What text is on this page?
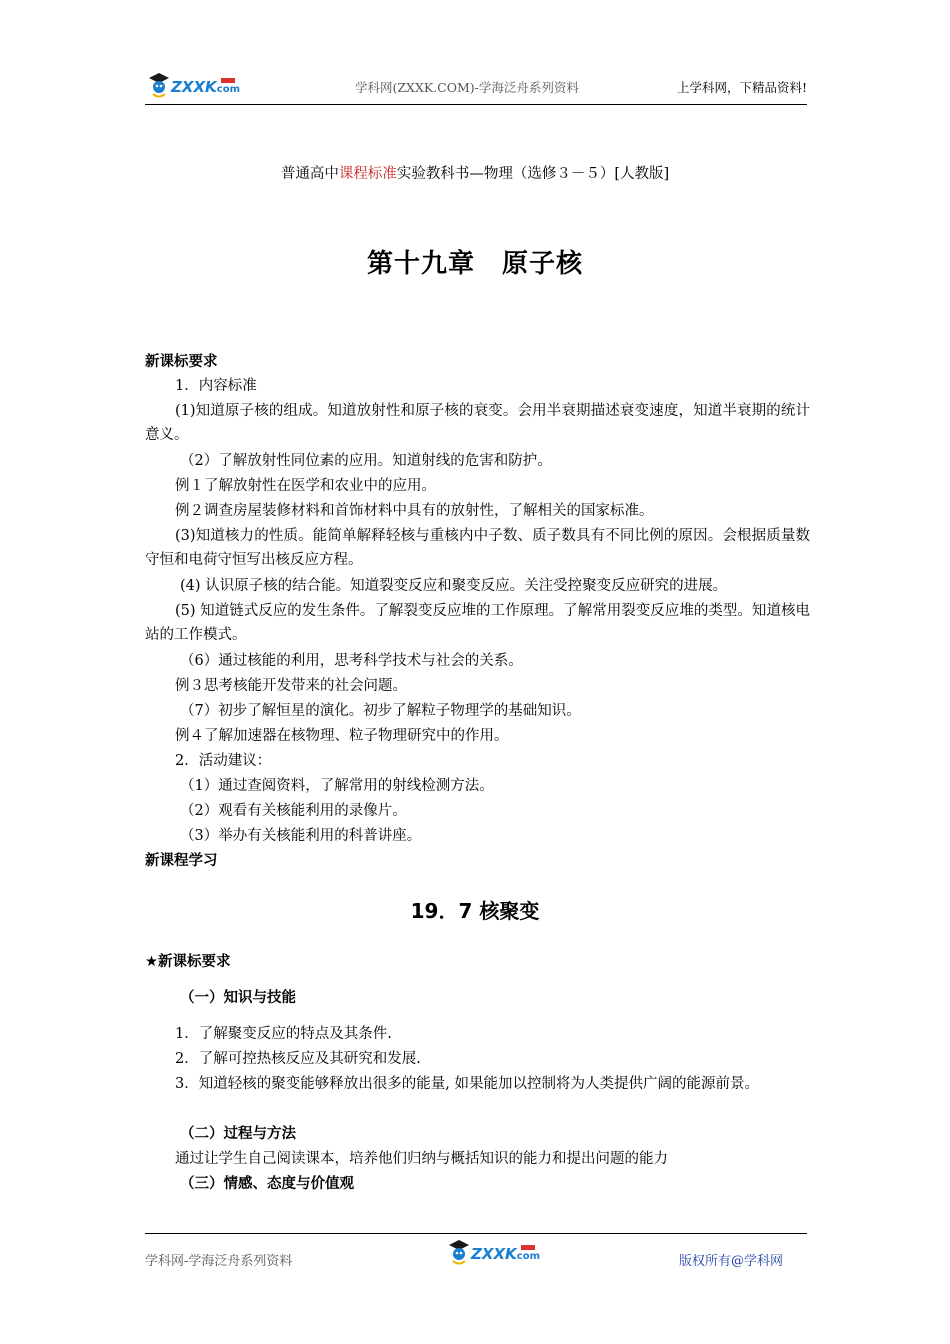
ZXXK
.com	学科网(ZXXK.COM)-学海泛舟系列资料	上学科网，下精品资料!
普通高中课程标准实验教科书—物理（选修３－５）[人教版]
第十九章　原子核
新课标要求
1．内容标准
(1)知道原子核的组成。知道放射性和原子核的衰变。会用半衰期描述衰变速度，知道半衰期的统计意义。
（2）了解放射性同位素的应用。知道射线的危害和防护。
例１了解放射性在医学和农业中的应用。
例２调查房屋装修材料和首饰材料中具有的放射性，了解相关的国家标准。
(3)知道核力的性质。能简单解释轻核与重核内中子数、质子数具有不同比例的原因。会根据质量数守恒和电荷守恒写出核反应方程。
(4) 认识原子核的结合能。知道裂变反应和聚变反应。关注受控聚变反应研究的进展。
(5) 知道链式反应的发生条件。了解裂变反应堆的工作原理。了解常用裂变反应堆的类型。知道核电站的工作模式。
（6）通过核能的利用，思考科学技术与社会的关系。
例３思考核能开发带来的社会问题。
（7）初步了解恒星的演化。初步了解粒子物理学的基础知识。
例４了解加速器在核物理、粒子物理研究中的作用。
2．活动建议：
（1）通过查阅资料，了解常用的射线检测方法。
（2）观看有关核能利用的录像片。
（3）举办有关核能利用的科普讲座。
新课程学习
19．7 核聚变
★新课标要求
（一）知识与技能
1．了解聚变反应的特点及其条件.
2．了解可控热核反应及其研究和发展.
3．知道轻核的聚变能够释放出很多的能量, 如果能加以控制将为人类提供广阔的能源前景。
（二）过程与方法
通过让学生自己阅读课本，培养他们归纳与概括知识的能力和提出问题的能力
（三）情感、态度与价值观
学科网-学海泛舟系列资料	版权所有@学科网
ZXXK
.com
